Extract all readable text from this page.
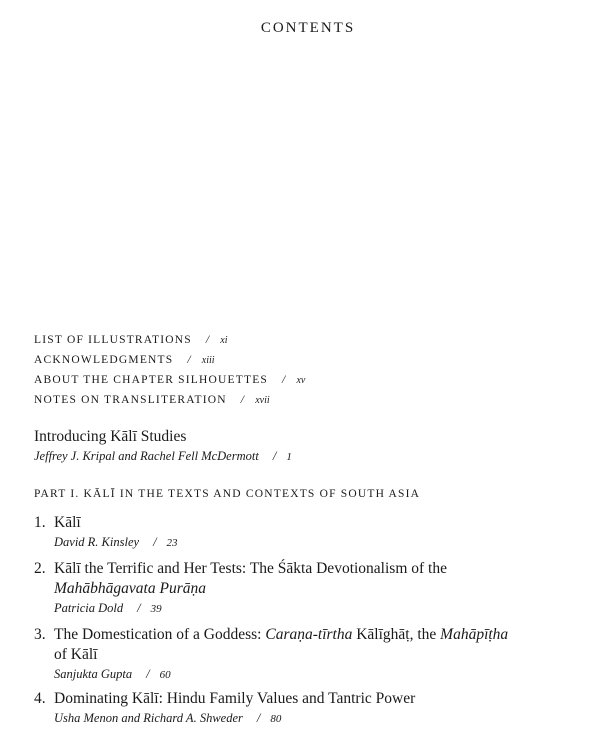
CONTENTS
LIST OF ILLUSTRATIONS / xi
ACKNOWLEDGMENTS / xiii
ABOUT THE CHAPTER SILHOUETTES / xv
NOTES ON TRANSLITERATION / xvii
Introducing Kālī Studies
Jeffrey J. Kripal and Rachel Fell McDermott / 1
PART I. KĀLĪ IN THE TEXTS AND CONTEXTS OF SOUTH ASIA
1. Kālī
David R. Kinsley / 23
2. Kālī the Terrific and Her Tests: The Śākta Devotionalism of the
Mahābhāgavata Purāṇa
Patricia Dold / 39
3. The Domestication of a Goddess: Caraṇa-tīrtha Kālīghāṭ, the Mahāpīṭha
of Kālī
Sanjukta Gupta / 60
4. Dominating Kālī: Hindu Family Values and Tantric Power
Usha Menon and Richard A. Shweder / 80
